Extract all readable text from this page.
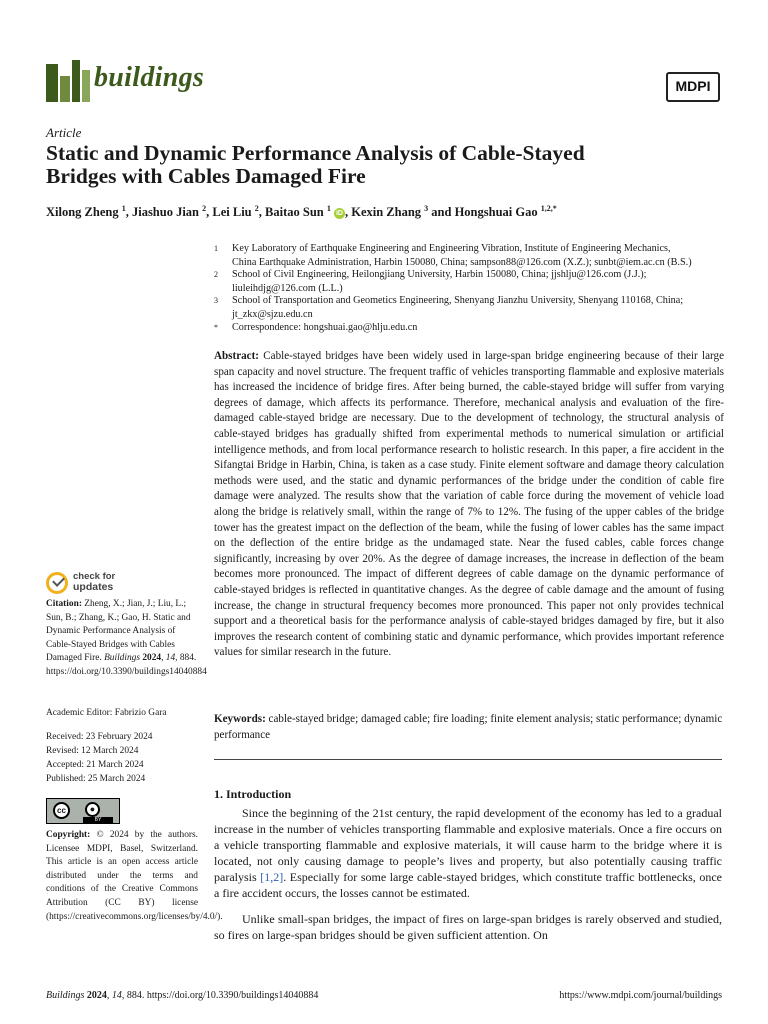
buildings	MDPI
Article
Static and Dynamic Performance Analysis of Cable-Stayed
Bridges with Cables Damaged Fire
Xilong Zheng $^1$, Jiashuo Jian $^2$, Lei Liu $^2$, Baitao Sun $^1$ iD , Kexin Zhang $^3$ and Hongshuai Gao $^{1,2,*}$
1 Key Laboratory of Earthquake Engineering and Engineering Vibration, Institute of Engineering Mechanics,
China Earthquake Administration, Harbin 150080, China; sampson88@126.com (X.Z.); sunbt@iem.ac.cn (B.S.)
2 School of Civil Engineering, Heilongjiang University, Harbin 150080, China; jjshlju@126.com (J.J.);
liuleihdjg@126.com (L.L.)
3 School of Transportation and Geometics Engineering, Shenyang Jianzhu University, Shenyang 110168, China;
jt_zkx@sjzu.edu.cn
* Correspondence: hongshuai.gao@hlju.edu.cn
Abstract: Cable-stayed bridges have been widely used in large-span bridge engineering because of their large span capacity and novel structure. The frequent traffic of vehicles transporting flammable and explosive materials has increased the incidence of bridge fires. After being burned, the cable-stayed bridge will suffer from varying degrees of damage, which affects its performance. Therefore, mechanical analysis and evaluation of the fire-damaged cable-stayed bridge are necessary. Due to the development of technology, the structural analysis of cable-stayed bridges has gradually shifted from experimental methods to numerical simulation or artificial intelligence methods, and from local performance research to holistic research. In this paper, a fire accident in the Sifangtai Bridge in Harbin, China, is taken as a case study. Finite element software and damage theory calculation methods were used, and the static and dynamic performances of the bridge under the condition of cable fire damage were analyzed. The results show that the variation of cable force during the movement of vehicle load along the bridge is relatively small, within the range of 7% to 12%. The fusing of the upper cables of the bridge tower has the greatest impact on the deflection of the beam, while the fusing of lower cables has the same impact on the deflection of the entire bridge as the undamaged state. Near the fused cables, cable forces change significantly, increasing by over 20%. As the degree of damage increases, the increase in deflection of the beam becomes more pronounced. The impact of different degrees of cable damage on the dynamic performance of cable-stayed bridges is reflected in quantitative changes. As the degree of cable damage and the amount of fusing increase, the change in structural frequency becomes more pronounced. This paper not only provides technical support and a theoretical basis for the performance analysis of cable-stayed bridges damaged by fire, but it also improves the research content of combining static and dynamic performance, which provides important reference values for similar research in the future.
Keywords: cable-stayed bridge; damaged cable; fire loading; finite element analysis; static performance; dynamic performance
1. Introduction
Since the beginning of the 21st century, the rapid development of the economy has led to a gradual increase in the number of vehicles transporting flammable and explosive materials. Once a fire occurs on a vehicle transporting flammable and explosive materials, it will cause harm to the bridge where it is located, not only causing damage to people’s lives and property, but also potentially causing traffic paralysis [1,2]. Especially for some large cable-stayed bridges, which constitute traffic bottlenecks, once a fire accident occurs, the losses cannot be estimated.
Unlike small-span bridges, the impact of fires on large-span bridges is rarely observed and studied, so fires on large-span bridges should be given sufficient attention. On
check for
updates
Citation: Zheng, X.; Jian, J.; Liu, L.; Sun, B.; Zhang, K.; Gao, H. Static and Dynamic Performance Analysis of Cable-Stayed Bridges with Cables Damaged Fire. Buildings 2024, 14, 884. https://doi.org/10.3390/buildings14040884
Academic Editor: Fabrizio Gara
Received: 23 February 2024
Revised: 12 March 2024
Accepted: 21 March 2024
Published: 25 March 2024
cc	●
BY
Copyright: © 2024 by the authors. Licensee MDPI, Basel, Switzerland. This article is an open access article distributed under the terms and conditions of the Creative Commons Attribution (CC BY) license (https://creativecommons.org/licenses/by/4.0/).
Buildings 2024, 14, 884. https://doi.org/10.3390/buildings14040884	https://www.mdpi.com/journal/buildings
